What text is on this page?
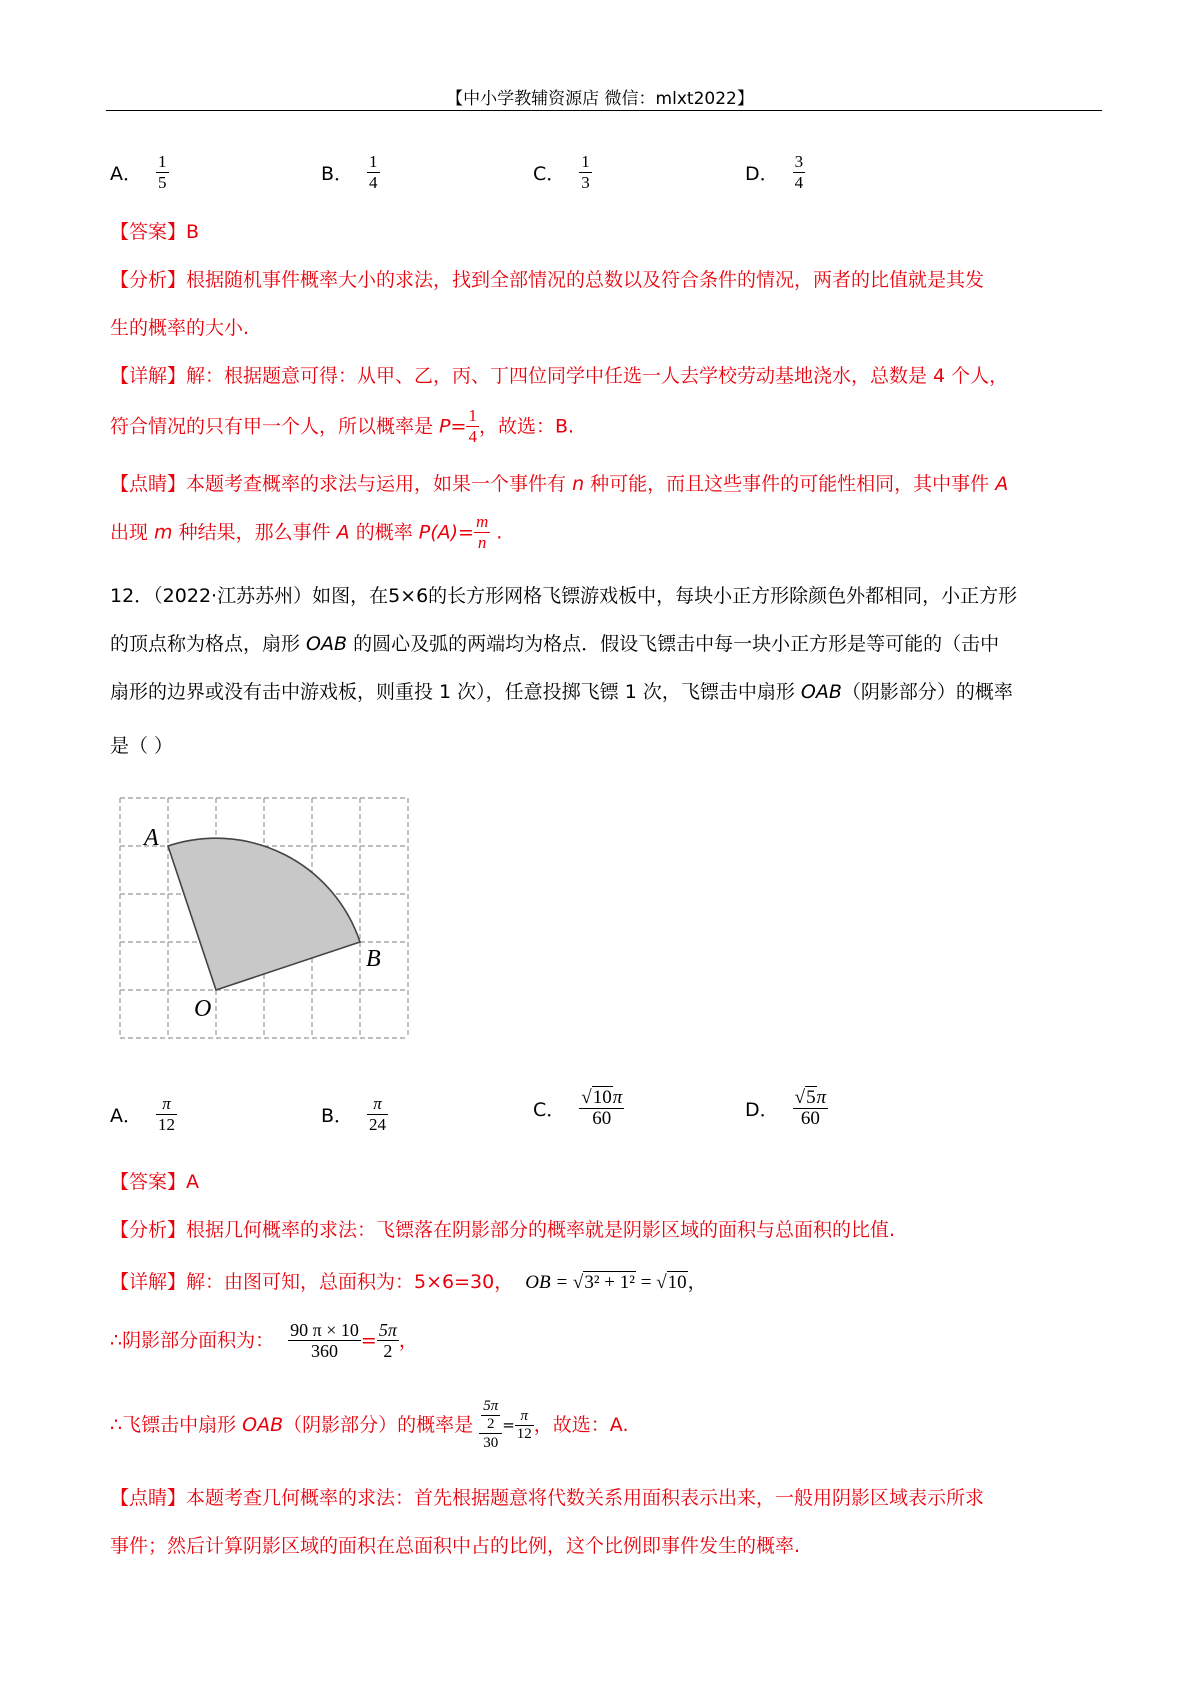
【中小学教辅资源店 微信：mlxt2022】
A． $\frac{1}{5}$	B． $\frac{1}{4}$	C． $\frac{1}{3}$	D． $\frac{3}{4}$
【答案】B
【分析】根据随机事件概率大小的求法，找到全部情况的总数以及符合条件的情况，两者的比值就是其发
生的概率的大小.
【详解】解：根据题意可得：从甲、乙，丙、丁四位同学中任选一人去学校劳动基地浇水，总数是 4 个人，
符合情况的只有甲一个人，所以概率是 $P= \frac{1}{4}$ ，故选：B.
【点睛】本题考查概率的求法与运用，如果一个事件有 n 种可能，而且这些事件的可能性相同，其中事件 A
出现 m 种结果，那么事件 A 的概率 $P(A)= \frac{m}{n}$ .
12．（2022·江苏苏州）如图，在5×6的长方形网格飞镖游戏板中，每块小正方形除颜色外都相同，小正方形
的顶点称为格点，扇形 OAB 的圆心及弧的两端均为格点．假设飞镖击中每一块小正方形是等可能的（击中
扇形的边界或没有击中游戏板，则重投 1 次），任意投掷飞镖 1 次，飞镖击中扇形 OAB（阴影部分）的概率
是（ ）
A
B
O
A． $\frac{\pi}{12}$	B． $\frac{\pi}{24}$	C． $\frac{√10\pi}{60}$	D． $\frac{√5\pi}{60}$
【答案】A
【分析】根据几何概率的求法：飞镖落在阴影部分的概率就是阴影区域的面积与总面积的比值.
【详解】解：由图可知，总面积为：5×6=30， OB = √3² + 1² = √10，
∴阴影部分面积为： $\frac{90 \pi \times 10}{360} = \frac{5\pi}{2}$ ，
∴飞镖击中扇形 OAB（阴影部分）的概率是 $\frac{\frac{5\pi}{2}}{30} = \frac{\pi}{12}$ ，故选：A.
【点睛】本题考查几何概率的求法：首先根据题意将代数关系用面积表示出来，一般用阴影区域表示所求
事件；然后计算阴影区域的面积在总面积中占的比例，这个比例即事件发生的概率.
